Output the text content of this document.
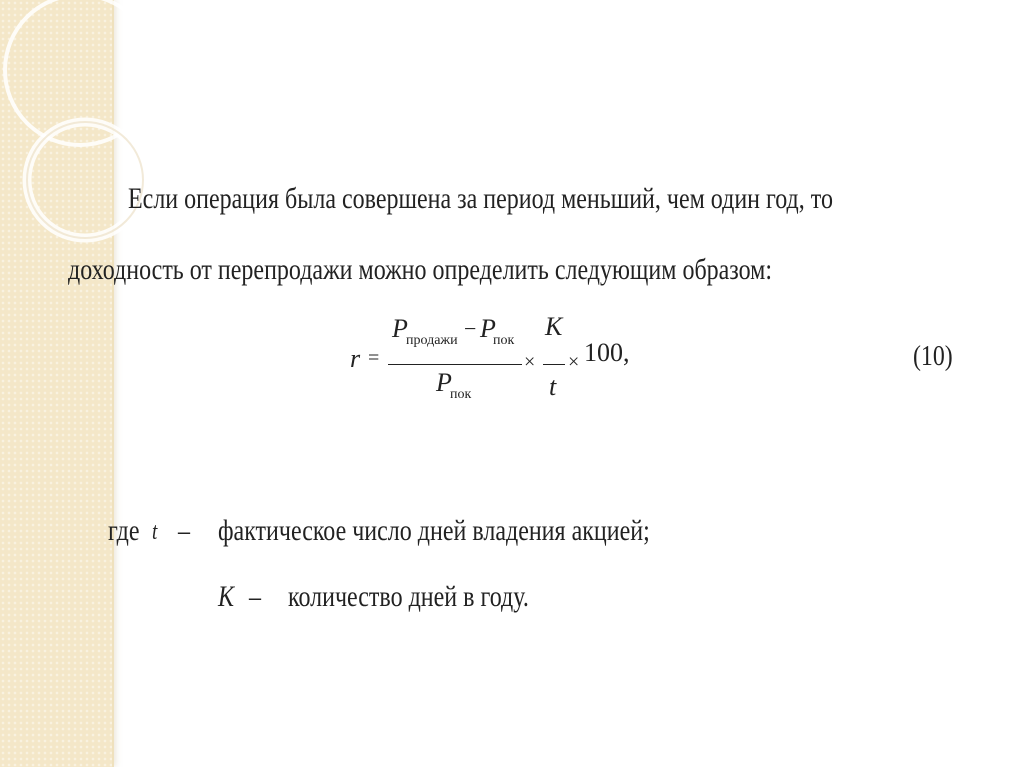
Если операция была совершена за период меньший, чем один год, то
доходность от перепродажи можно определить следующим образом:
r =
P
продажи − P
пок
P
пок
×
K
t
× 100,	(10)
где t – фактическое число дней владения акцией;
K – количество дней в году.
